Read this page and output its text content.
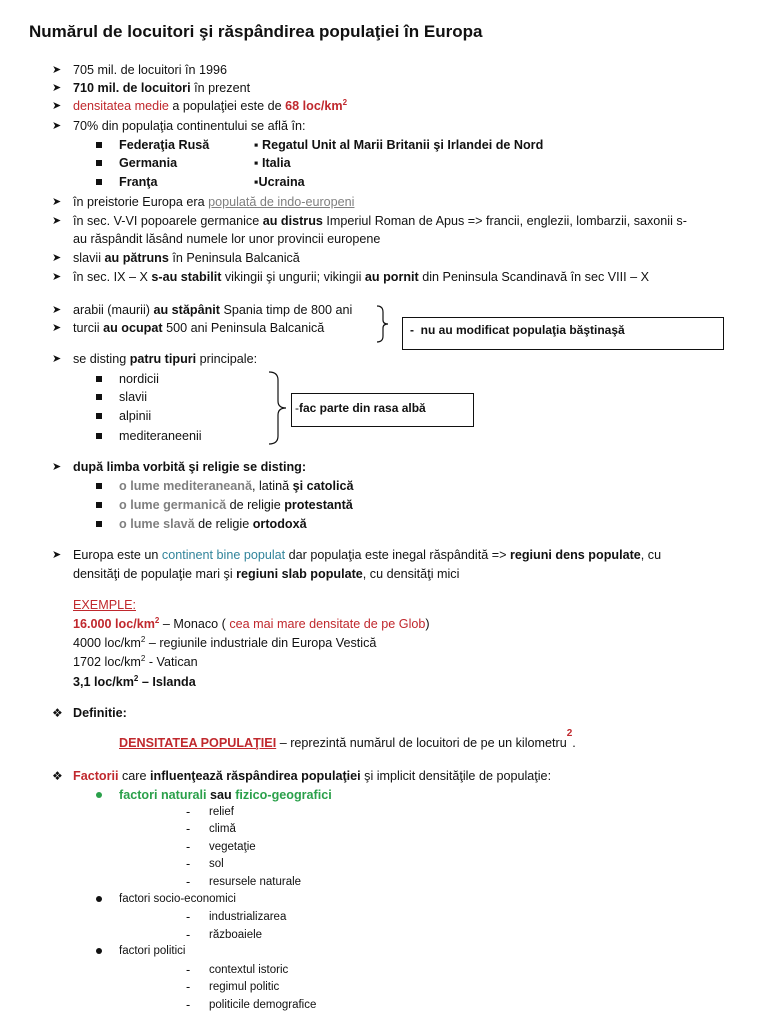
Numărul de locuitori şi răspândirea populaţiei în Europa
➤ 705 mil. de locuitori în 1996
➤ 710 mil. de locuitori în prezent
➤ densitatea medie a populaţiei este de 68 loc/$km^2$
➤ 70% din populaţia continentului se află în:
Federaţia Rusă	▪ Regatul Unit al Marii Britanii şi Irlandei de Nord
Germania	▪ Italia
Franţa	▪Ucraina
➤ în preistorie Europa era populată de indo-europeni
➤ în sec. V-VI popoarele germanice au distrus Imperiul Roman de Apus => francii, englezii, lombarzii, saxonii s-
au răspândit lăsând numele lor unor provincii europene
➤ slavii au pătruns în Peninsula Balcanică
➤ în sec. IX – X s-au stabilit vikingii şi ungurii; vikingii au pornit din Peninsula Scandinavă în sec VIII – X
➤ arabii (maurii) au stăpânit Spania timp de 800 ani
➤ turcii au ocupat 500 ani Peninsula Balcanică	-  nu au modificat populaţia băştinaşă
➤ se disting patru tipuri principale:
nordicii
slavii
alpinii
mediteraneenii
-fac parte din rasa albă
➤ după limba vorbită şi religie se disting:
o lume mediteraneană, latină şi catolică
o lume germanică de religie protestantă
o lume slavă de religie ortodoxă
➤ Europa este un continent bine populat dar populaţia este inegal răspândită => regiuni dens populate, cu
densităţi de populaţie mari şi regiuni slab populate, cu densităţi mici
EXEMPLE:
16.000 loc/$km^2$ – Monaco ( cea mai mare densitate de pe Glob)
4000 loc/$km^2$ – regiunile industriale din Europa Vestică
1702 loc/$km^2$ - Vatican
3,1 loc/$km^2$ – Islanda
❖ Definitie:
DENSITATEA POPULAŢIEI – reprezintă numărul de locuitori de pe un kilometru$^2$.
❖ Factorii care influenţează răspândirea populaţiei şi implicit densităţile de populaţie:
factori naturali sau fizico-geografici
- relief
- climă
- vegetaţie
- sol
- resursele naturale
factori socio-economici
- industrializarea
- războaiele
factori politici
- contextul istoric
- regimul politic
- politicile demografice
